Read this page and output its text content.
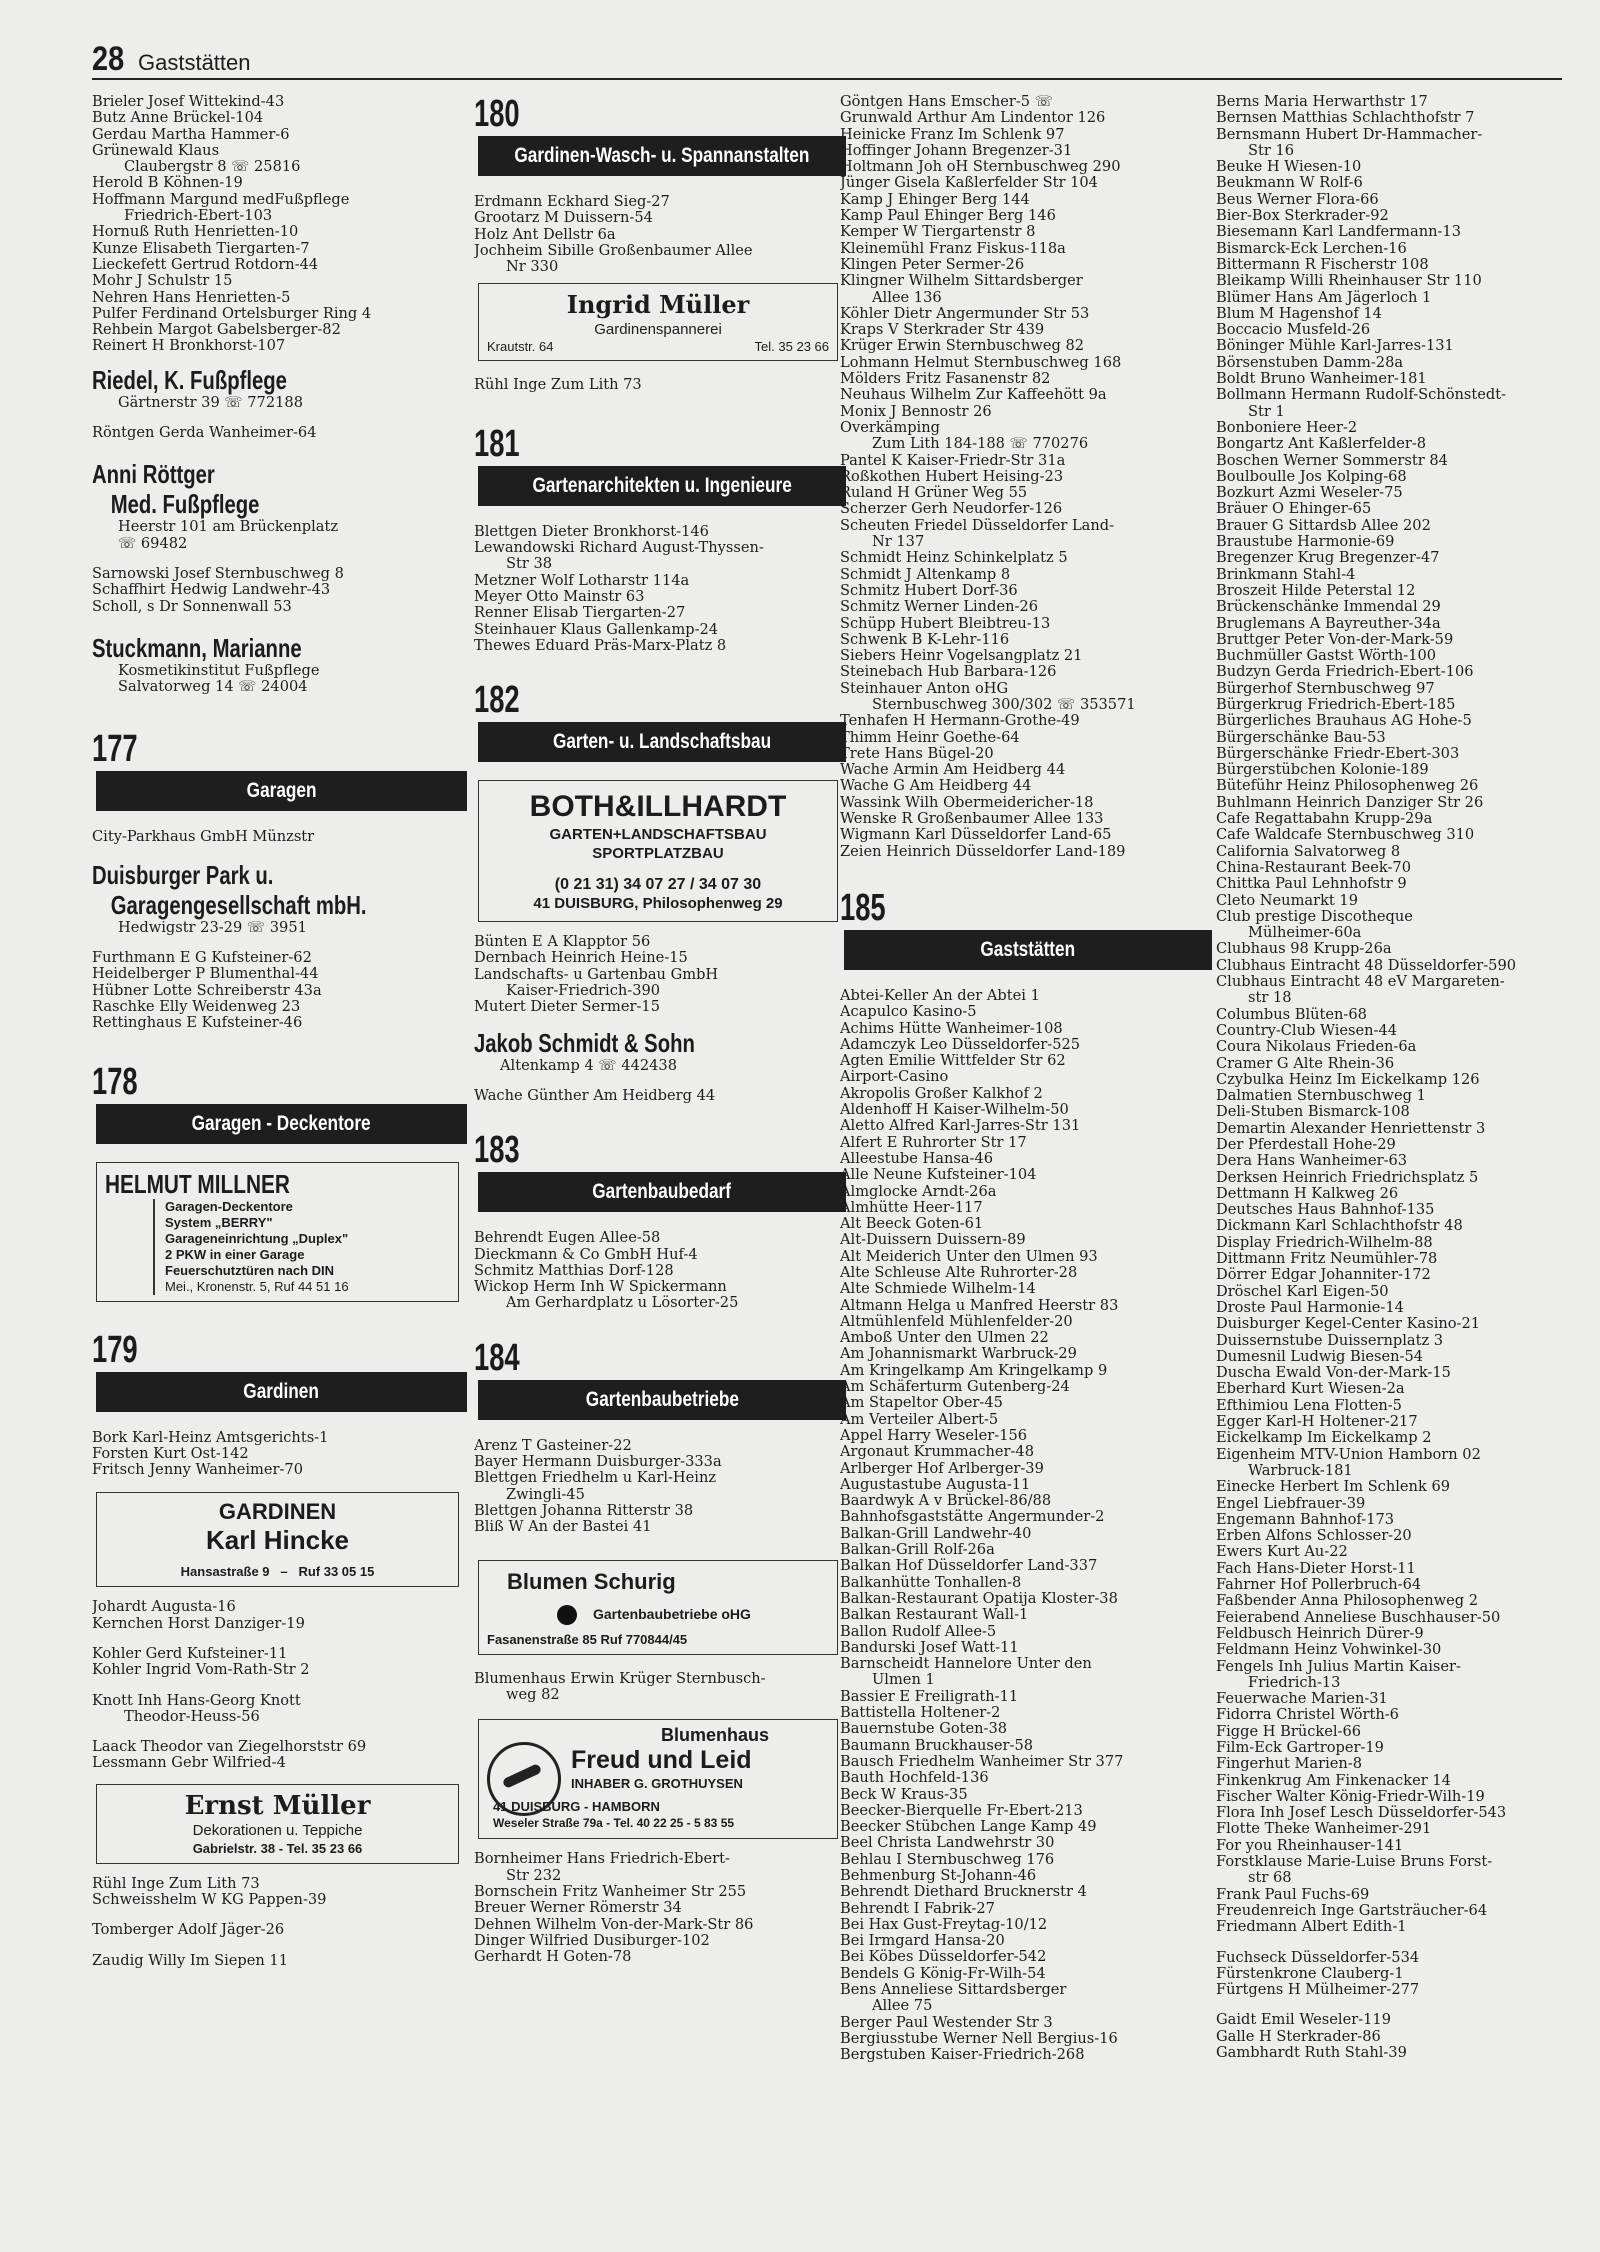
28 Gaststätten
Brieler Josef Wittekind-43
Butz Anne Brückel-104
Gerdau Martha Hammer-6
Grünewald Klaus
Claubergstr 8 ☏ 25816
Herold B Köhnen-19
Hoffmann Margund medFußpflege
Friedrich-Ebert-103
Hornuß Ruth Henrietten-10
Kunze Elisabeth Tiergarten-7
Lieckefett Gertrud Rotdorn-44
Mohr J Schulstr 15
Nehren Hans Henrietten-5
Pulfer Ferdinand Ortelsburger Ring 4
Rehbein Margot Gabelsberger-82
Reinert H Bronkhorst-107
Riedel, K. Fußpflege
Gärtnerstr 39 ☏ 772188
Röntgen Gerda Wanheimer-64
Anni Röttger
Med. Fußpflege
Heerstr 101 am Brückenplatz
☏ 69482
Sarnowski Josef Sternbuschweg 8
Schaffhirt Hedwig Landwehr-43
Scholl, s Dr Sonnenwall 53
Stuckmann, Marianne
Kosmetikinstitut Fußpflege
Salvatorweg 14 ☏ 24004
177
Garagen
City-Parkhaus GmbH Münzstr
Duisburger Park u.
Garagengesellschaft mbH.
Hedwigstr 23-29 ☏ 3951
Furthmann E G Kufsteiner-62
Heidelberger P Blumenthal-44
Hübner Lotte Schreiberstr 43a
Raschke Elly Weidenweg 23
Rettinghaus E Kufsteiner-46
178
Garagen - Deckentore
HELMUT MILLNER
Garagen-Deckentore
System „BERRY"
Garageneinrichtung „Duplex"
2 PKW in einer Garage
Feuerschutztüren nach DIN
Mei., Kronenstr. 5, Ruf 44 51 16
179
Gardinen
Bork Karl-Heinz Amtsgerichts-1
Forsten Kurt Ost-142
Fritsch Jenny Wanheimer-70
GARDINEN
Karl Hincke
Hansastraße 9 – Ruf 33 05 15
Johardt Augusta-16
Kernchen Horst Danziger-19
Kohler Gerd Kufsteiner-11
Kohler Ingrid Vom-Rath-Str 2
Knott Inh Hans-Georg Knott
Theodor-Heuss-56
Laack Theodor van Ziegelhorststr 69
Lessmann Gebr Wilfried-4
Ernst Müller
Dekorationen u. Teppiche
Gabrielstr. 38 - Tel. 35 23 66
Rühl Inge Zum Lith 73
Schweisshelm W KG Pappen-39
Tomberger Adolf Jäger-26
Zaudig Willy Im Siepen 11
180
Gardinen-Wasch- u. Spannanstalten
Erdmann Eckhard Sieg-27
Grootarz M Duissern-54
Holz Ant Dellstr 6a
Jochheim Sibille Großenbaumer Allee
Nr 330
Ingrid Müller
Gardinenspannerei
Krautstr. 64	Tel. 35 23 66
Rühl Inge Zum Lith 73
181
Gartenarchitekten u. Ingenieure
Blettgen Dieter Bronkhorst-146
Lewandowski Richard August-Thyssen-
Str 38
Metzner Wolf Lotharstr 114a
Meyer Otto Mainstr 63
Renner Elisab Tiergarten-27
Steinhauer Klaus Gallenkamp-24
Thewes Eduard Präs-Marx-Platz 8
182
Garten- u. Landschaftsbau
BOTH&ILLHARDT
GARTEN+LANDSCHAFTSBAU
SPORTPLATZBAU
(0 21 31) 34 07 27 / 34 07 30
41 DUISBURG, Philosophenweg 29
Bünten E A Klapptor 56
Dernbach Heinrich Heine-15
Landschafts- u Gartenbau GmbH
Kaiser-Friedrich-390
Mutert Dieter Sermer-15
Jakob Schmidt & Sohn
Altenkamp 4 ☏ 442438
Wache Günther Am Heidberg 44
183
Gartenbaubedarf
Behrendt Eugen Allee-58
Dieckmann & Co GmbH Huf-4
Schmitz Matthias Dorf-128
Wickop Herm Inh W Spickermann
Am Gerhardplatz u Lösorter-25
184
Gartenbaubetriebe
Arenz T Gasteiner-22
Bayer Hermann Duisburger-333a
Blettgen Friedhelm u Karl-Heinz
Zwingli-45
Blettgen Johanna Ritterstr 38
Bliß W An der Bastei 41
Blumen Schurig
Gartenbaubetriebe oHG
Fasanenstraße 85 Ruf 770844/45
Blumenhaus Erwin Krüger Sternbusch-
weg 82
Blumenhaus
Freud und Leid
INHABER G. GROTHUYSEN
41 DUISBURG - HAMBORN
Weseler Straße 79a - Tel. 40 22 25 - 5 83 55
Bornheimer Hans Friedrich-Ebert-
Str 232
Bornschein Fritz Wanheimer Str 255
Breuer Werner Römerstr 34
Dehnen Wilhelm Von-der-Mark-Str 86
Dinger Wilfried Dusiburger-102
Gerhardt H Goten-78
Göntgen Hans Emscher-5 ☏
Grunwald Arthur Am Lindentor 126
Heinicke Franz Im Schlenk 97
Hoffinger Johann Bregenzer-31
Holtmann Joh oH Sternbuschweg 290
Jünger Gisela Kaßlerfelder Str 104
Kamp J Ehinger Berg 144
Kamp Paul Ehinger Berg 146
Kemper W Tiergartenstr 8
Kleinemühl Franz Fiskus-118a
Klingen Peter Sermer-26
Klingner Wilhelm Sittardsberger
Allee 136
Köhler Dietr Angermunder Str 53
Kraps V Sterkrader Str 439
Krüger Erwin Sternbuschweg 82
Lohmann Helmut Sternbuschweg 168
Mölders Fritz Fasanenstr 82
Neuhaus Wilhelm Zur Kaffeehött 9a
Monix J Bennostr 26
Overkämping
Zum Lith 184-188 ☏ 770276
Pantel K Kaiser-Friedr-Str 31a
Roßkothen Hubert Heising-23
Ruland H Grüner Weg 55
Scherzer Gerh Neudorfer-126
Scheuten Friedel Düsseldorfer Land-
Nr 137
Schmidt Heinz Schinkelplatz 5
Schmidt J Altenkamp 8
Schmitz Hubert Dorf-36
Schmitz Werner Linden-26
Schüpp Hubert Bleibtreu-13
Schwenk B K-Lehr-116
Siebers Heinr Vogelsangplatz 21
Steinebach Hub Barbara-126
Steinhauer Anton oHG
Sternbuschweg 300/302 ☏ 353571
Tenhafen H Hermann-Grothe-49
Thimm Heinr Goethe-64
Trete Hans Bügel-20
Wache Armin Am Heidberg 44
Wache G Am Heidberg 44
Wassink Wilh Obermeidericher-18
Wenske R Großenbaumer Allee 133
Wigmann Karl Düsseldorfer Land-65
Zeien Heinrich Düsseldorfer Land-189
185
Gaststätten
Abtei-Keller An der Abtei 1
Acapulco Kasino-5
Achims Hütte Wanheimer-108
Adamczyk Leo Düsseldorfer-525
Agten Emilie Wittfelder Str 62
Airport-Casino
Akropolis Großer Kalkhof 2
Aldenhoff H Kaiser-Wilhelm-50
Aletto Alfred Karl-Jarres-Str 131
Alfert E Ruhrorter Str 17
Alleestube Hansa-46
Alle Neune Kufsteiner-104
Almglocke Arndt-26a
Almhütte Heer-117
Alt Beeck Goten-61
Alt-Duissern Duissern-89
Alt Meiderich Unter den Ulmen 93
Alte Schleuse Alte Ruhrorter-28
Alte Schmiede Wilhelm-14
Altmann Helga u Manfred Heerstr 83
Altmühlenfeld Mühlenfelder-20
Amboß Unter den Ulmen 22
Am Johannismarkt Warbruck-29
Am Kringelkamp Am Kringelkamp 9
Am Schäferturm Gutenberg-24
Am Stapeltor Ober-45
Am Verteiler Albert-5
Appel Harry Weseler-156
Argonaut Krummacher-48
Arlberger Hof Arlberger-39
Augustastube Augusta-11
Baardwyk A v Brückel-86/88
Bahnhofsgaststätte Angermunder-2
Balkan-Grill Landwehr-40
Balkan-Grill Rolf-26a
Balkan Hof Düsseldorfer Land-337
Balkanhütte Tonhallen-8
Balkan-Restaurant Opatija Kloster-38
Balkan Restaurant Wall-1
Ballon Rudolf Allee-5
Bandurski Josef Watt-11
Barnscheidt Hannelore Unter den
Ulmen 1
Bassier E Freiligrath-11
Battistella Holtener-2
Bauernstube Goten-38
Baumann Bruckhauser-58
Bausch Friedhelm Wanheimer Str 377
Bauth Hochfeld-136
Beck W Kraus-35
Beecker-Bierquelle Fr-Ebert-213
Beecker Stübchen Lange Kamp 49
Beel Christa Landwehrstr 30
Behlau I Sternbuschweg 176
Behmenburg St-Johann-46
Behrendt Diethard Brucknerstr 4
Behrendt I Fabrik-27
Bei Hax Gust-Freytag-10/12
Bei Irmgard Hansa-20
Bei Köbes Düsseldorfer-542
Bendels G König-Fr-Wilh-54
Bens Anneliese Sittardsberger
Allee 75
Berger Paul Westender Str 3
Bergiusstube Werner Nell Bergius-16
Bergstuben Kaiser-Friedrich-268
Berns Maria Herwarthstr 17
Bernsen Matthias Schlachthofstr 7
Bernsmann Hubert Dr-Hammacher-
Str 16
Beuke H Wiesen-10
Beukmann W Rolf-6
Beus Werner Flora-66
Bier-Box Sterkrader-92
Biesemann Karl Landfermann-13
Bismarck-Eck Lerchen-16
Bittermann R Fischerstr 108
Bleikamp Willi Rheinhauser Str 110
Blümer Hans Am Jägerloch 1
Blum M Hagenshof 14
Boccacio Musfeld-26
Böninger Mühle Karl-Jarres-131
Börsenstuben Damm-28a
Boldt Bruno Wanheimer-181
Bollmann Hermann Rudolf-Schönstedt-
Str 1
Bonboniere Heer-2
Bongartz Ant Kaßlerfelder-8
Boschen Werner Sommerstr 84
Boulboulle Jos Kolping-68
Bozkurt Azmi Weseler-75
Bräuer O Ehinger-65
Brauer G Sittardsb Allee 202
Braustube Harmonie-69
Bregenzer Krug Bregenzer-47
Brinkmann Stahl-4
Broszeit Hilde Peterstal 12
Brückenschänke Immendal 29
Bruglemans A Bayreuther-34a
Bruttger Peter Von-der-Mark-59
Buchmüller Gastst Wörth-100
Budzyn Gerda Friedrich-Ebert-106
Bürgerhof Sternbuschweg 97
Bürgerkrug Friedrich-Ebert-185
Bürgerliches Brauhaus AG Hohe-5
Bürgerschänke Bau-53
Bürgerschänke Friedr-Ebert-303
Bürgerstübchen Kolonie-189
Büteführ Heinz Philosophenweg 26
Buhlmann Heinrich Danziger Str 26
Cafe Regattabahn Krupp-29a
Cafe Waldcafe Sternbuschweg 310
California Salvatorweg 8
China-Restaurant Beek-70
Chittka Paul Lehnhofstr 9
Cleto Neumarkt 19
Club prestige Discotheque
Mülheimer-60a
Clubhaus 98 Krupp-26a
Clubhaus Eintracht 48 Düsseldorfer-590
Clubhaus Eintracht 48 eV Margareten-
str 18
Columbus Blüten-68
Country-Club Wiesen-44
Coura Nikolaus Frieden-6a
Cramer G Alte Rhein-36
Czybulka Heinz Im Eickelkamp 126
Dalmatien Sternbuschweg 1
Deli-Stuben Bismarck-108
Demartin Alexander Henriettenstr 3
Der Pferdestall Hohe-29
Dera Hans Wanheimer-63
Derksen Heinrich Friedrichsplatz 5
Dettmann H Kalkweg 26
Deutsches Haus Bahnhof-135
Dickmann Karl Schlachthofstr 48
Display Friedrich-Wilhelm-88
Dittmann Fritz Neumühler-78
Dörrer Edgar Johanniter-172
Dröschel Karl Eigen-50
Droste Paul Harmonie-14
Duisburger Kegel-Center Kasino-21
Duissernstube Duissernplatz 3
Dumesnil Ludwig Biesen-54
Duscha Ewald Von-der-Mark-15
Eberhard Kurt Wiesen-2a
Efthimiou Lena Flotten-5
Egger Karl-H Holtener-217
Eickelkamp Im Eickelkamp 2
Eigenheim MTV-Union Hamborn 02
Warbruck-181
Einecke Herbert Im Schlenk 69
Engel Liebfrauer-39
Engemann Bahnhof-173
Erben Alfons Schlosser-20
Ewers Kurt Au-22
Fach Hans-Dieter Horst-11
Fahrner Hof Pollerbruch-64
Faßbender Anna Philosophenweg 2
Feierabend Anneliese Buschhauser-50
Feldbusch Heinrich Dürer-9
Feldmann Heinz Vohwinkel-30
Fengels Inh Julius Martin Kaiser-
Friedrich-13
Feuerwache Marien-31
Fidorra Christel Wörth-6
Figge H Brückel-66
Film-Eck Gartroper-19
Fingerhut Marien-8
Finkenkrug Am Finkenacker 14
Fischer Walter König-Friedr-Wilh-19
Flora Inh Josef Lesch Düsseldorfer-543
Flotte Theke Wanheimer-291
For you Rheinhauser-141
Forstklause Marie-Luise Bruns Forst-
str 68
Frank Paul Fuchs-69
Freudenreich Inge Gartsträucher-64
Friedmann Albert Edith-1
Fuchseck Düsseldorfer-534
Fürstenkrone Clauberg-1
Fürtgens H Mülheimer-277
Gaidt Emil Weseler-119
Galle H Sterkrader-86
Gambhardt Ruth Stahl-39
